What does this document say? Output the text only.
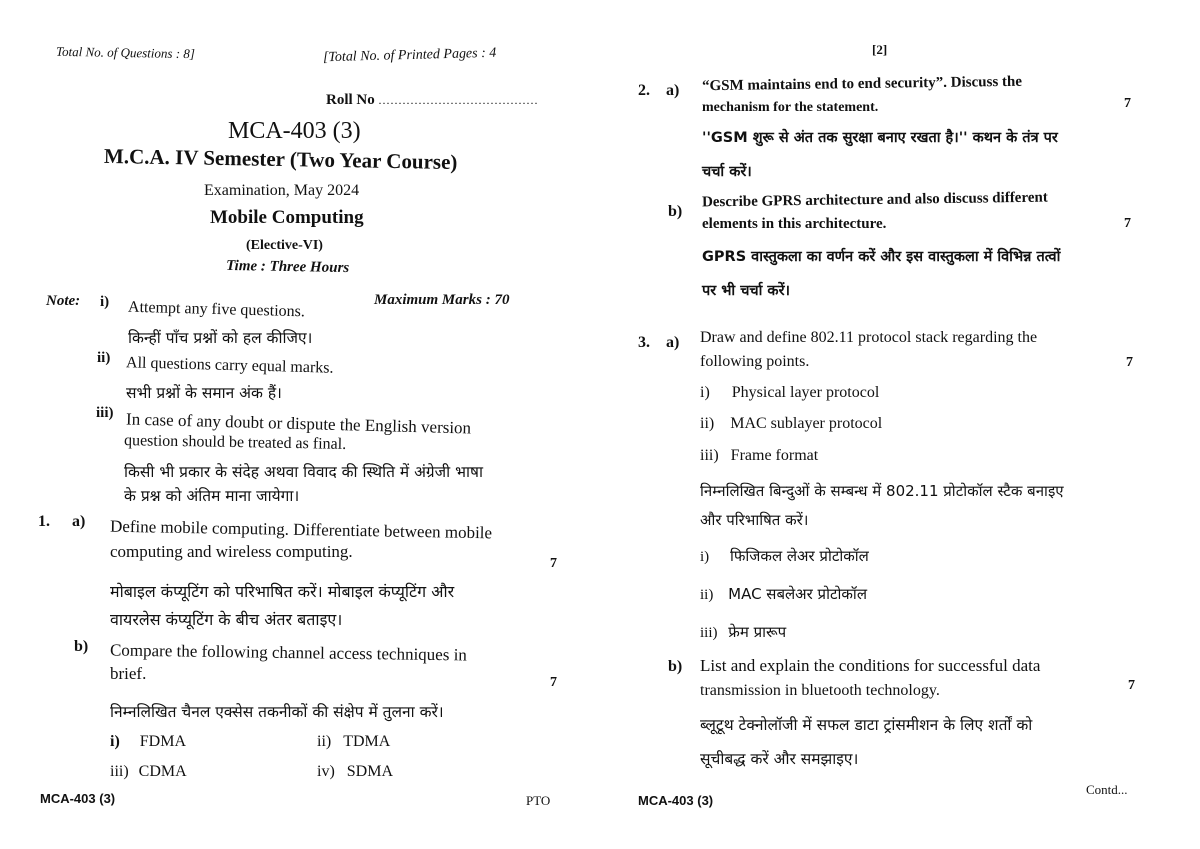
Total No. of Questions : 8]	[Total No. of Printed Pages : 4
Roll No ........................................
MCA-403 (3)
M.C.A. IV Semester (Two Year Course)
Examination, May 2024
Mobile Computing
(Elective-VI)
Time : Three Hours
Maximum Marks : 70
Note: i) Attempt any five questions.
किन्हीं पाँच प्रश्नों को हल कीजिए।
ii) All questions carry equal marks.
सभी प्रश्नों के समान अंक हैं।
iii) In case of any doubt or dispute the English version
question should be treated as final.
किसी भी प्रकार के संदेह अथवा विवाद की स्थिति में अंग्रेजी भाषा
के प्रश्न को अंतिम माना जायेगा।
1. a) Define mobile computing. Differentiate between mobile
computing and wireless computing.
7
मोबाइल कंप्यूटिंग को परिभाषित करें। मोबाइल कंप्यूटिंग और
वायरलेस कंप्यूटिंग के बीच अंतर बताइए।
b) Compare the following channel access techniques in
brief.	7
निम्नलिखित चैनल एक्सेस तकनीकों की संक्षेप में तुलना करें।
i) FDMA	ii) TDMA
iii) CDMA	iv) SDMA
MCA-403 (3)	PTO
[2]
2. a) “GSM maintains end to end security”. Discuss the
mechanism for the statement.	7
''GSM शुरू से अंत तक सुरक्षा बनाए रखता है।'' कथन के तंत्र पर
चर्चा करें।
b)
Describe GPRS architecture and also discuss different
elements in this architecture.	7
GPRS वास्तुकला का वर्णन करें और इस वास्तुकला में विभिन्न तत्वों
पर भी चर्चा करें।
3. a) Draw and define 802.11 protocol stack regarding the
following points.	7
i) Physical layer protocol
ii) MAC sublayer protocol
iii) Frame format
निम्नलिखित बिन्दुओं के सम्बन्ध में 802.11 प्रोटोकॉल स्टैक बनाइए
और परिभाषित करें।
i) फिजिकल लेअर प्रोटोकॉल
ii) MAC सबलेअर प्रोटोकॉल
iii) फ्रेम प्रारूप
b) List and explain the conditions for successful data
transmission in bluetooth technology.	7
ब्लूटूथ टेक्नोलॉजी में सफल डाटा ट्रांसमीशन के लिए शर्तों को
सूचीबद्ध करें और समझाइए।
MCA-403 (3)
Contd...
